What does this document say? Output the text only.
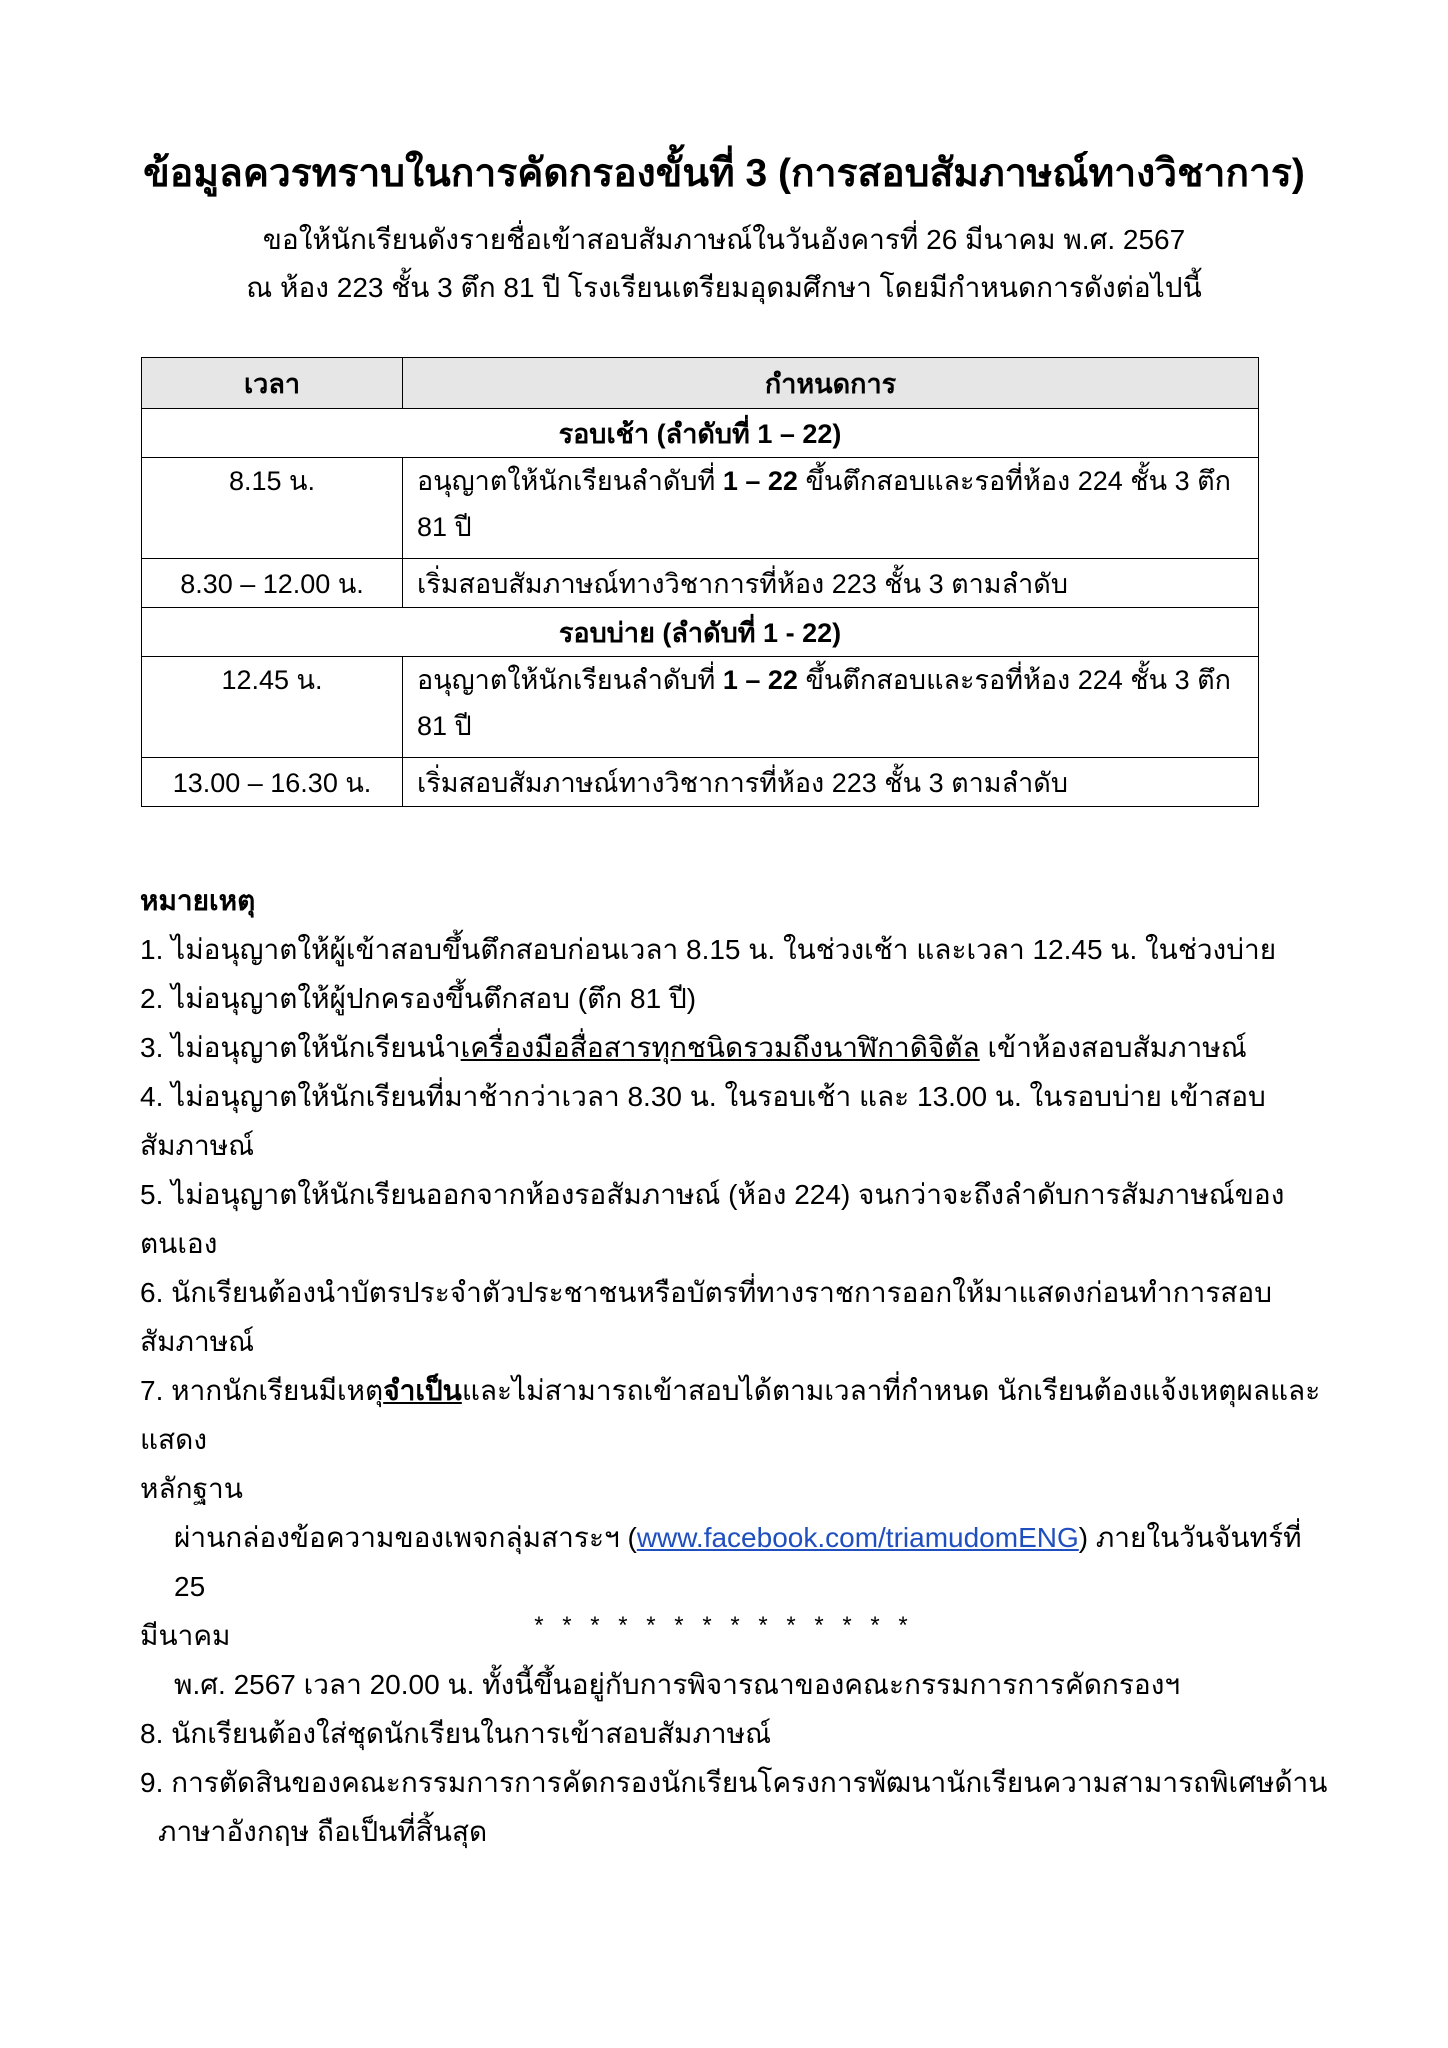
ข้อมูลควรทราบในการคัดกรองขั้นที่ 3 (การสอบสัมภาษณ์ทางวิชาการ)
ขอให้นักเรียนดังรายชื่อเข้าสอบสัมภาษณ์ในวันอังคารที่ 26 มีนาคม พ.ศ. 2567
ณ ห้อง 223 ชั้น 3 ตึก 81 ปี โรงเรียนเตรียมอุดมศึกษา โดยมีกำหนดการดังต่อไปนี้
เวลา	กำหนดการ
รอบเช้า (ลำดับที่ 1 – 22)	
8.15 น.	อนุญาตให้นักเรียนลำดับที่ 1 – 22 ขึ้นตึกสอบและรอที่ห้อง 224 ชั้น 3 ตึก 81 ปี
8.30 – 12.00 น.	เริ่มสอบสัมภาษณ์ทางวิชาการที่ห้อง 223 ชั้น 3 ตามลำดับ
รอบบ่าย (ลำดับที่ 1 - 22)	
12.45 น.	อนุญาตให้นักเรียนลำดับที่ 1 – 22 ขึ้นตึกสอบและรอที่ห้อง 224 ชั้น 3 ตึก 81 ปี
13.00 – 16.30 น.	เริ่มสอบสัมภาษณ์ทางวิชาการที่ห้อง 223 ชั้น 3 ตามลำดับ

หมายเหตุ

1. ไม่อนุญาตให้ผู้เข้าสอบขึ้นตึกสอบก่อนเวลา 8.15 น. ในช่วงเช้า และเวลา 12.45 น. ในช่วงบ่าย

2. ไม่อนุญาตให้ผู้ปกครองขึ้นตึกสอบ (ตึก 81 ปี)

3. ไม่อนุญาตให้นักเรียนนำเครื่องมือสื่อสารทุกชนิดรวมถึงนาฬิกาดิจิตัล เข้าห้องสอบสัมภาษณ์

4. ไม่อนุญาตให้นักเรียนที่มาช้ากว่าเวลา 8.30 น. ในรอบเช้า และ 13.00 น. ในรอบบ่าย เข้าสอบสัมภาษณ์

5. ไม่อนุญาตให้นักเรียนออกจากห้องรอสัมภาษณ์ (ห้อง 224) จนกว่าจะถึงลำดับการสัมภาษณ์ของตนเอง

6. นักเรียนต้องนำบัตรประจำตัวประชาชนหรือบัตรที่ทางราชการออกให้มาแสดงก่อนทำการสอบสัมภาษณ์

7. หากนักเรียนมีเหตุจำเป็นและไม่สามารถเข้าสอบได้ตามเวลาที่กำหนด นักเรียนต้องแจ้งเหตุผลและแสดง

หลักฐาน

ผ่านกล่องข้อความของเพจกลุ่มสาระฯ (www.facebook.com/triamudomENG) ภายในวันจันทร์ที่ 25

มีนาคม

พ.ศ. 2567 เวลา 20.00 น. ทั้งนี้ขึ้นอยู่กับการพิจารณาของคณะกรรมการการคัดกรองฯ

8. นักเรียนต้องใส่ชุดนักเรียนในการเข้าสอบสัมภาษณ์

9. การตัดสินของคณะกรรมการการคัดกรองนักเรียนโครงการพัฒนานักเรียนความสามารถพิเศษด้าน

ภาษาอังกฤษ ถือเป็นที่สิ้นสุด

* * * * * * * * * * * * * *
